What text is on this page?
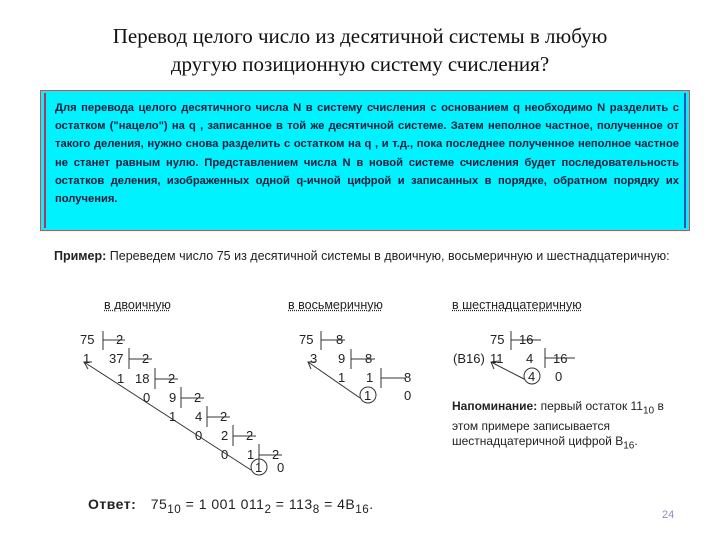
Перевод целого число из десятичной системы в любую
другую позиционную систему счисления?
Для перевода целого десятичного числа N в систему счисления с основанием q необходимо N разделить с остатком ("нацело") на q , записанное в той же десятичной системе. Затем неполное частное, полученное от такого деления, нужно снова разделить с остатком на q , и т.д., пока последнее полученное неполное частное не станет равным нулю. Представлением числа N в новой системе счисления будет последовательность остатков деления, изображенных одной q-ичной цифрой и записанных в порядке, обратном порядку их получения.
Пример: Переведем число 75 из десятичной системы в двоичную, восьмеричную и шестнадцатеричную:
в двоичную	в восьмеричную	в шестнадцатеричную
75 2
1 37 2
1 18 2
0 9 2
1 4 2
0 2 2
0 1 2
1 0
75 8
3 9 8
1 1 8
1	0
75 16
(B16) 11 4 16
4 0
Напоминание: первый остаток $11_{10}$ в этом примере записывается шестнадцатеричной цифрой $B_{16}$.
Ответ: $75_{10} = 1$ 001 $011_2 = 113_8 = 4B_{16}$.
24
